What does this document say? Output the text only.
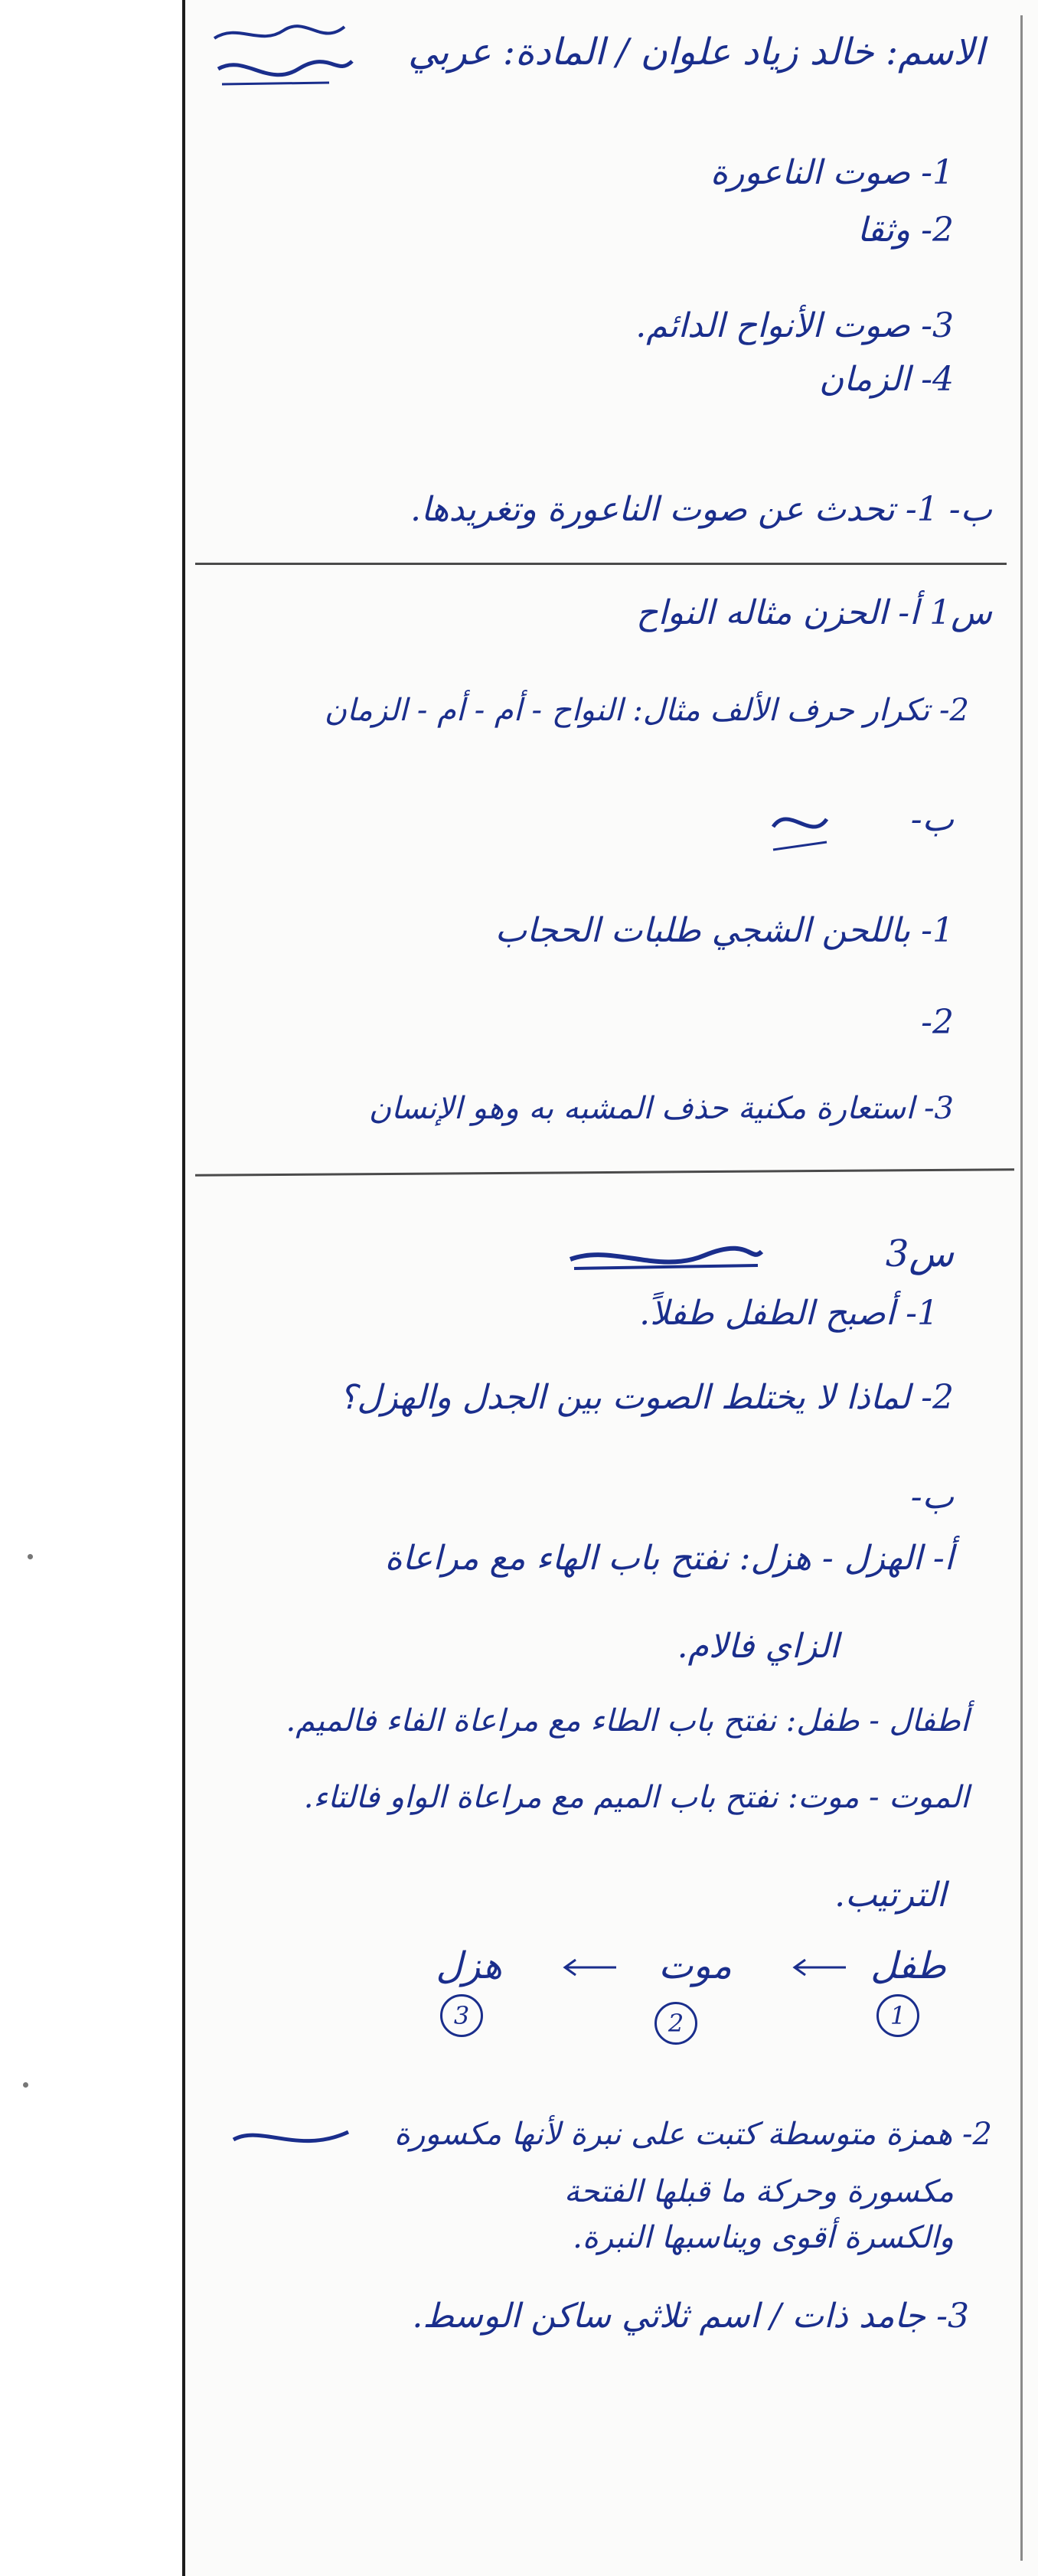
الاسم: خالد زياد علوان / المادة: عربي
1- صوت الناعورة
2- وثقا
3- صوت الأنواح الدائم.
4- الزمان
ب- 1- تحدث عن صوت الناعورة وتغريدها.
س1 أ- الحزن مثاله النواح
2- تكرار حرف الألف مثال: النواح - أم - أم - الزمان
ب-
1- باللحن الشجي طلبات الحجاب
2-
3- استعارة مكنية حذف المشبه به وهو الإنسان
س3
1- أصبح الطفل طفلاً.
2- لماذا لا يختلط الصوت بين الجدل والهزل؟
ب-
أ- الهزل - هزل: نفتح باب الهاء مع مراعاة
الزاي فالام.
أطفال - طفل: نفتح باب الطاء مع مراعاة الفاء فالميم.
الموت - موت: نفتح باب الميم مع مراعاة الواو فالتاء.
الترتيب.
طفل
موت
هزل
1
2
3
2- همزة متوسطة كتبت على نبرة لأنها مكسورة
مكسورة وحركة ما قبلها الفتحة
والكسرة أقوى ويناسبها النبرة.
3- جامد ذات / اسم ثلاثي ساكن الوسط.
